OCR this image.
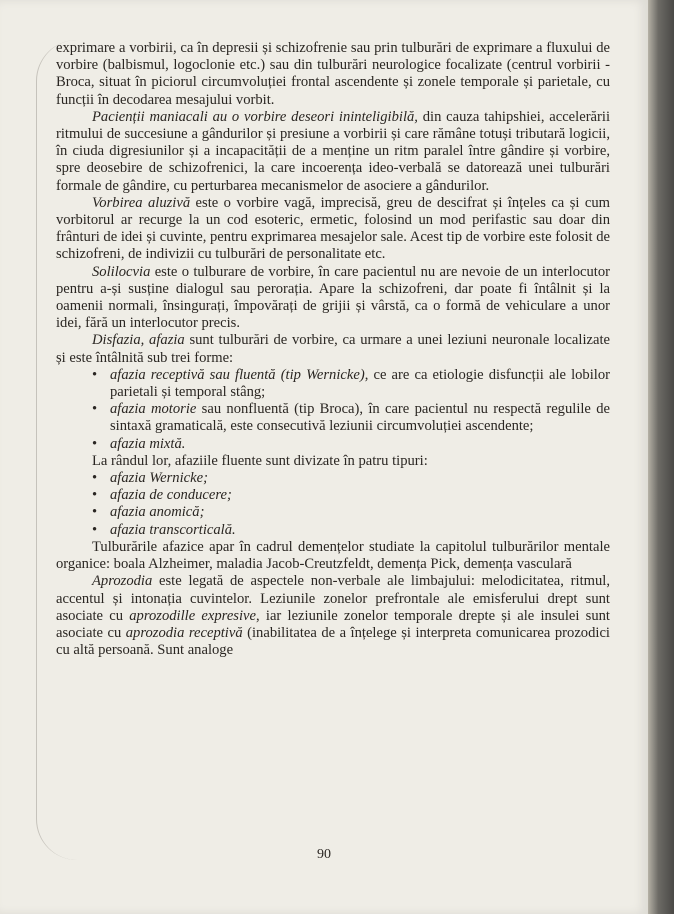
exprimare a vorbirii, ca în depresii și schizofrenie sau prin tulburări de exprimare a fluxului de vorbire (balbismul, logoclonie etc.) sau din tulburări neurologice focalizate (centrul vorbirii - Broca, situat în piciorul circumvoluției frontal ascendente și zonele temporale și parietale, cu funcții în decodarea mesajului vorbit.

Pacienții maniacali au o vorbire deseori ininteligibilă, din cauza tahipshiei, accelerării ritmului de succesiune a gândurilor și presiune a vorbirii și care rămâne totuși tributară logicii, în ciuda digresiunilor și a incapacității de a menține un ritm paralel între gândire și vorbire, spre deosebire de schizofrenici, la care incoerența ideo-verbală se datorează unei tulburări formale de gândire, cu perturbarea mecanismelor de asociere a gândurilor.

Vorbirea aluzivă este o vorbire vagă, imprecisă, greu de descifrat și înțeles ca și cum vorbitorul ar recurge la un cod esoteric, ermetic, folosind un mod perifastic sau doar din frânturi de idei și cuvinte, pentru exprimarea mesajelor sale. Acest tip de vorbire este folosit de schizofreni, de indivizii cu tulburări de personalitate etc.

Solilocvia este o tulburare de vorbire, în care pacientul nu are nevoie de un interlocutor pentru a-și susține dialogul sau perorația. Apare la schizofreni, dar poate fi întâlnit și la oamenii normali, însingurați, împovărați de grijii și vârstă, ca o formă de vehiculare a unor idei, fără un interlocutor precis.

Disfazia, afazia sunt tulburări de vorbire, ca urmare a unei leziuni neuronale localizate și este întâlnită sub trei forme:

• afazia receptivă sau fluentă (tip Wernicke), ce are ca etiologie disfuncții ale lobilor parietali și temporal stâng;
• afazia motorie sau nonfluentă (tip Broca), în care pacientul nu respectă regulile de sintaxă gramaticală, este consecutivă leziunii circumvoluției ascendente;
• afazia mixtă.

La rândul lor, afaziile fluente sunt divizate în patru tipuri:

• afazia Wernicke;
• afazia de conducere;
• afazia anomică;
• afazia transcorticală.

Tulburările afazice apar în cadrul demențelor studiate la capitolul tulburărilor mentale organice: boala Alzheimer, maladia Jacob-Creutzfeldt, demența Pick, demența vasculară

Aprozodia este legată de aspectele non-verbale ale limbajului: melodicitatea, ritmul, accentul și intonația cuvintelor. Leziunile zonelor prefrontale ale emisferului drept sunt asociate cu aprozodille expresive, iar leziunile zonelor temporale drepte și ale insulei sunt asociate cu aprozodia receptivă (inabilitatea de a înțelege și interpreta comunicarea prozodici cu altă persoană. Sunt analoge

90
